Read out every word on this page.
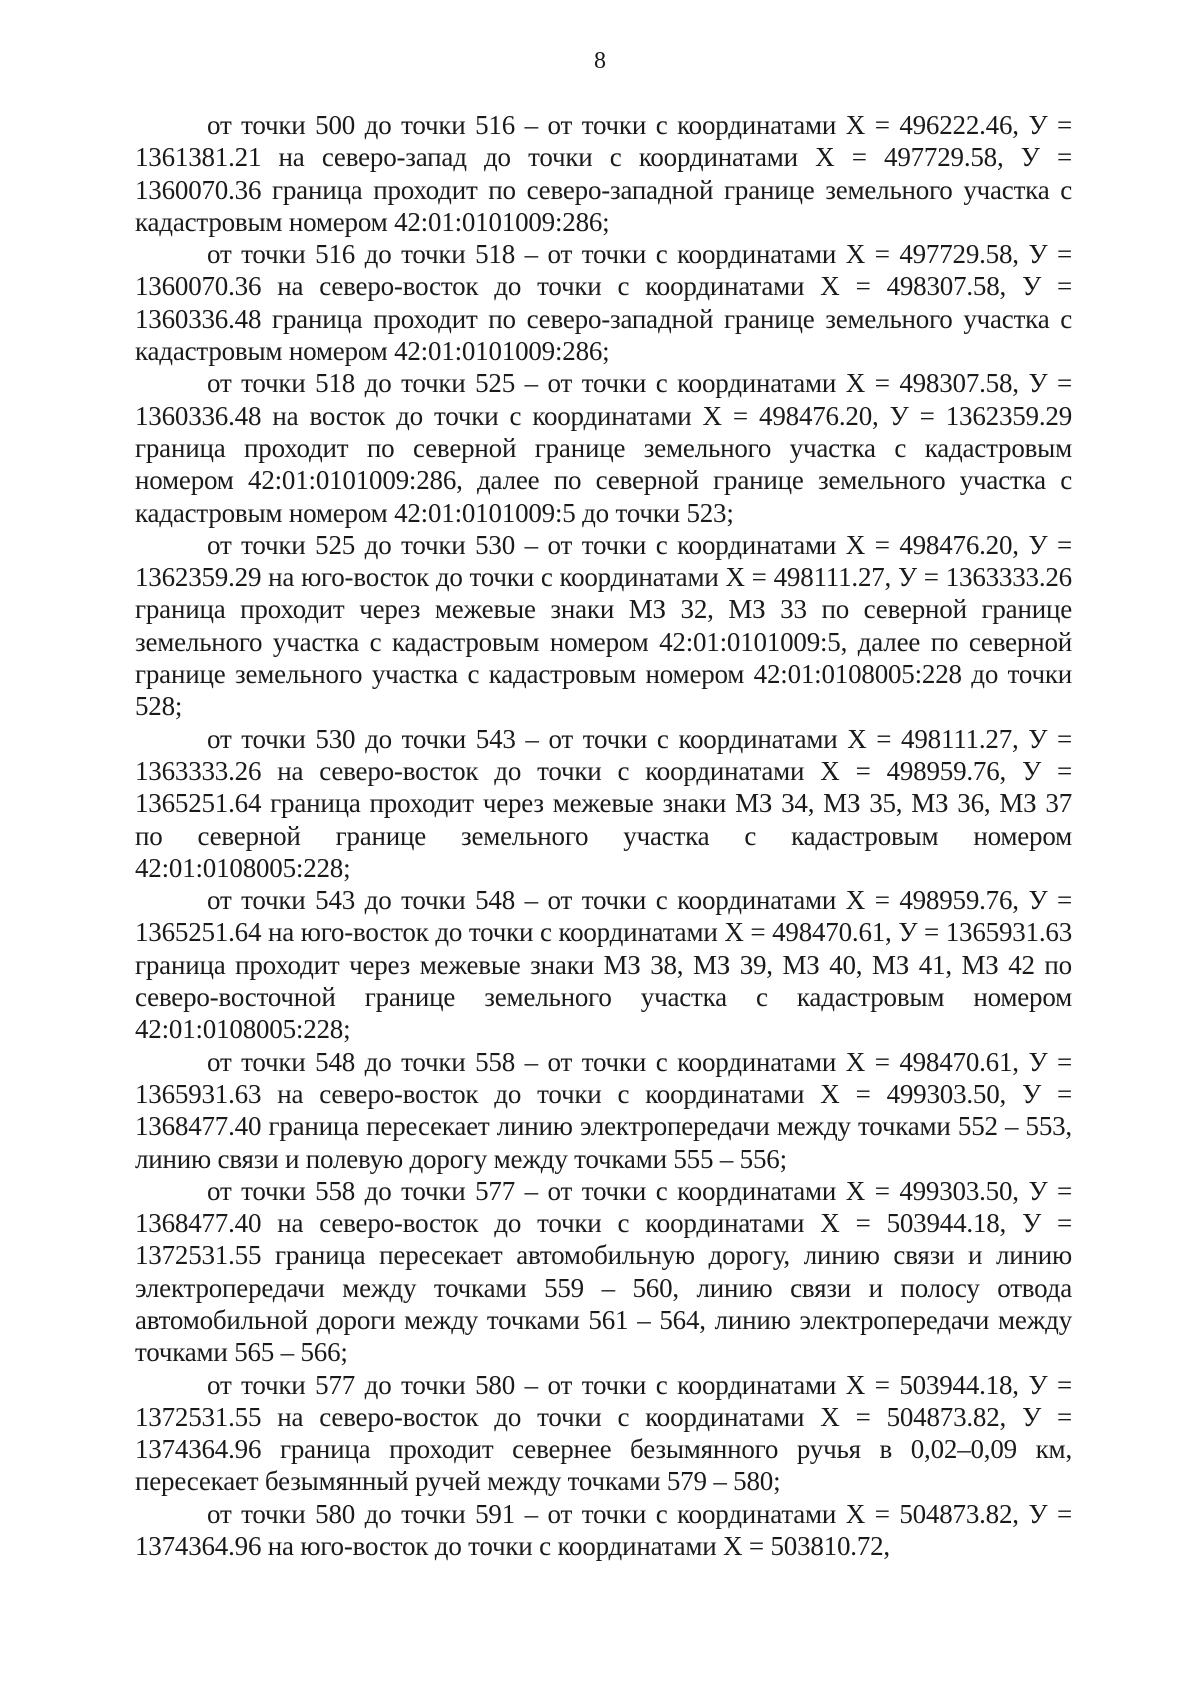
8

от точки 500 до точки 516 – от точки с координатами Х = 496222.46, У = 1361381.21 на северо-запад до точки с координатами Х = 497729.58, У = 1360070.36 граница проходит по северо-западной границе земельного участка с кадастровым номером 42:01:0101009:286;

от точки 516 до точки 518 – от точки с координатами Х = 497729.58, У = 1360070.36 на северо-восток до точки с координатами Х = 498307.58, У = 1360336.48 граница проходит по северо-западной границе земельного участка с кадастровым номером 42:01:0101009:286;

от точки 518 до точки 525 – от точки с координатами Х = 498307.58, У = 1360336.48 на восток до точки с координатами Х = 498476.20, У = 1362359.29 граница проходит по северной границе земельного участка с кадастровым номером 42:01:0101009:286, далее по северной границе земельного участка с кадастровым номером 42:01:0101009:5 до точки 523;

от точки 525 до точки 530 – от точки с координатами Х = 498476.20, У = 1362359.29 на юго-восток до точки с координатами Х = 498111.27, У = 1363333.26 граница проходит через межевые знаки МЗ 32, МЗ 33 по северной границе земельного участка с кадастровым номером 42:01:0101009:5, далее по северной границе земельного участка с кадастровым номером 42:01:0108005:228 до точки 528;

от точки 530 до точки 543 – от точки с координатами Х = 498111.27, У = 1363333.26 на северо-восток до точки с координатами Х = 498959.76, У = 1365251.64 граница проходит через межевые знаки МЗ 34, МЗ 35, МЗ 36, МЗ 37 по северной границе земельного участка с кадастровым номером 42:01:0108005:228;

от точки 543 до точки 548 – от точки с координатами Х = 498959.76, У = 1365251.64 на юго-восток до точки с координатами Х = 498470.61, У = 1365931.63 граница проходит через межевые знаки МЗ 38, МЗ 39, МЗ 40, МЗ 41, МЗ 42 по северо-восточной границе земельного участка с кадастровым номером 42:01:0108005:228;

от точки 548 до точки 558 – от точки с координатами Х = 498470.61, У = 1365931.63 на северо-восток до точки с координатами Х = 499303.50, У = 1368477.40 граница пересекает линию электропередачи между точками 552 – 553, линию связи и полевую дорогу между точками 555 – 556;

от точки 558 до точки 577 – от точки с координатами Х = 499303.50, У = 1368477.40 на северо-восток до точки с координатами Х = 503944.18, У = 1372531.55 граница пересекает автомобильную дорогу, линию связи и линию электропередачи между точками 559 – 560, линию связи и полосу отвода автомобильной дороги между точками 561 – 564, линию электропередачи между точками 565 – 566;

от точки 577 до точки 580 – от точки с координатами Х = 503944.18, У = 1372531.55 на северо-восток до точки с координатами Х = 504873.82, У = 1374364.96 граница проходит севернее безымянного ручья в 0,02–0,09 км, пересекает безымянный ручей между точками 579 – 580;

от точки 580 до точки 591 – от точки с координатами Х = 504873.82, У = 1374364.96 на юго-восток до точки с координатами Х = 503810.72,
